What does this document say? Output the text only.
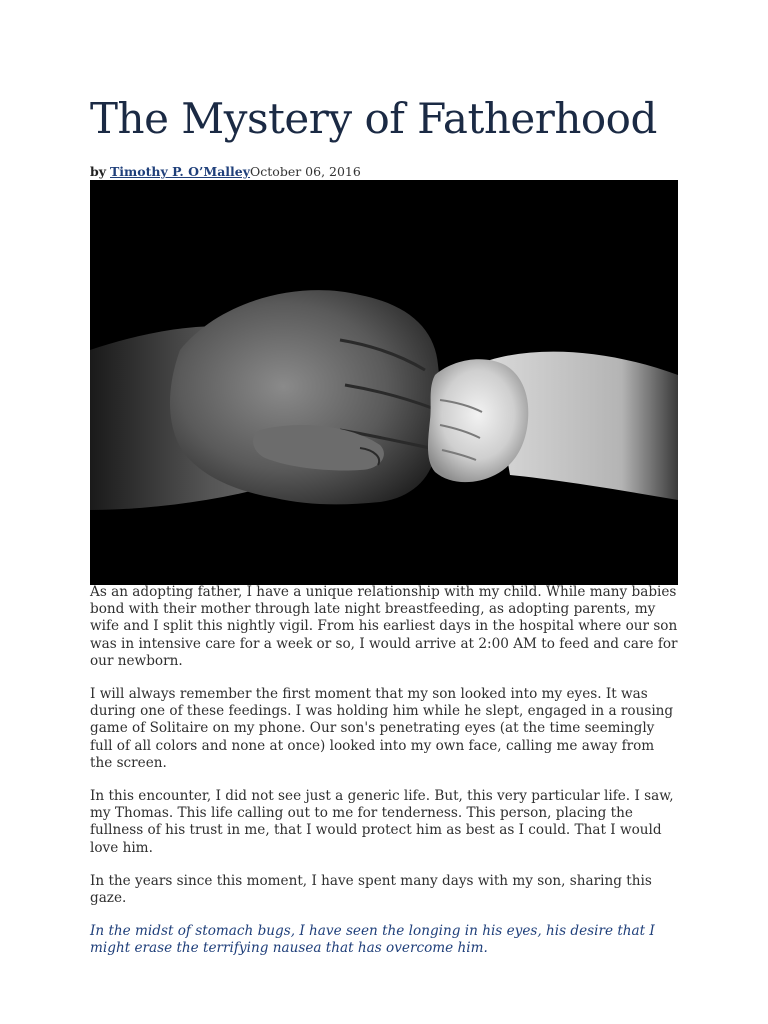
The Mystery of Fatherhood
by Timothy P. O’MalleyOctober 06, 2016

As an adopting father, I have a unique relationship with my child. While many babies bond with their mother through late night breastfeeding, as adopting parents, my wife and I split this nightly vigil. From his earliest days in the hospital where our son was in intensive care for a week or so, I would arrive at 2:00 AM to feed and care for our newborn.

I will always remember the first moment that my son looked into my eyes. It was during one of these feedings. I was holding him while he slept, engaged in a rousing game of Solitaire on my phone. Our son's penetrating eyes (at the time seemingly full of all colors and none at once) looked into my own face, calling me away from the screen.

In this encounter, I did not see just a generic life. But, this very particular life. I saw, my Thomas. This life calling out to me for tenderness. This person, placing the fullness of his trust in me, that I would protect him as best as I could. That I would love him.

In the years since this moment, I have spent many days with my son, sharing this gaze.

In the midst of stomach bugs, I have seen the longing in his eyes, his desire that I might erase the terrifying nausea that has overcome him.
